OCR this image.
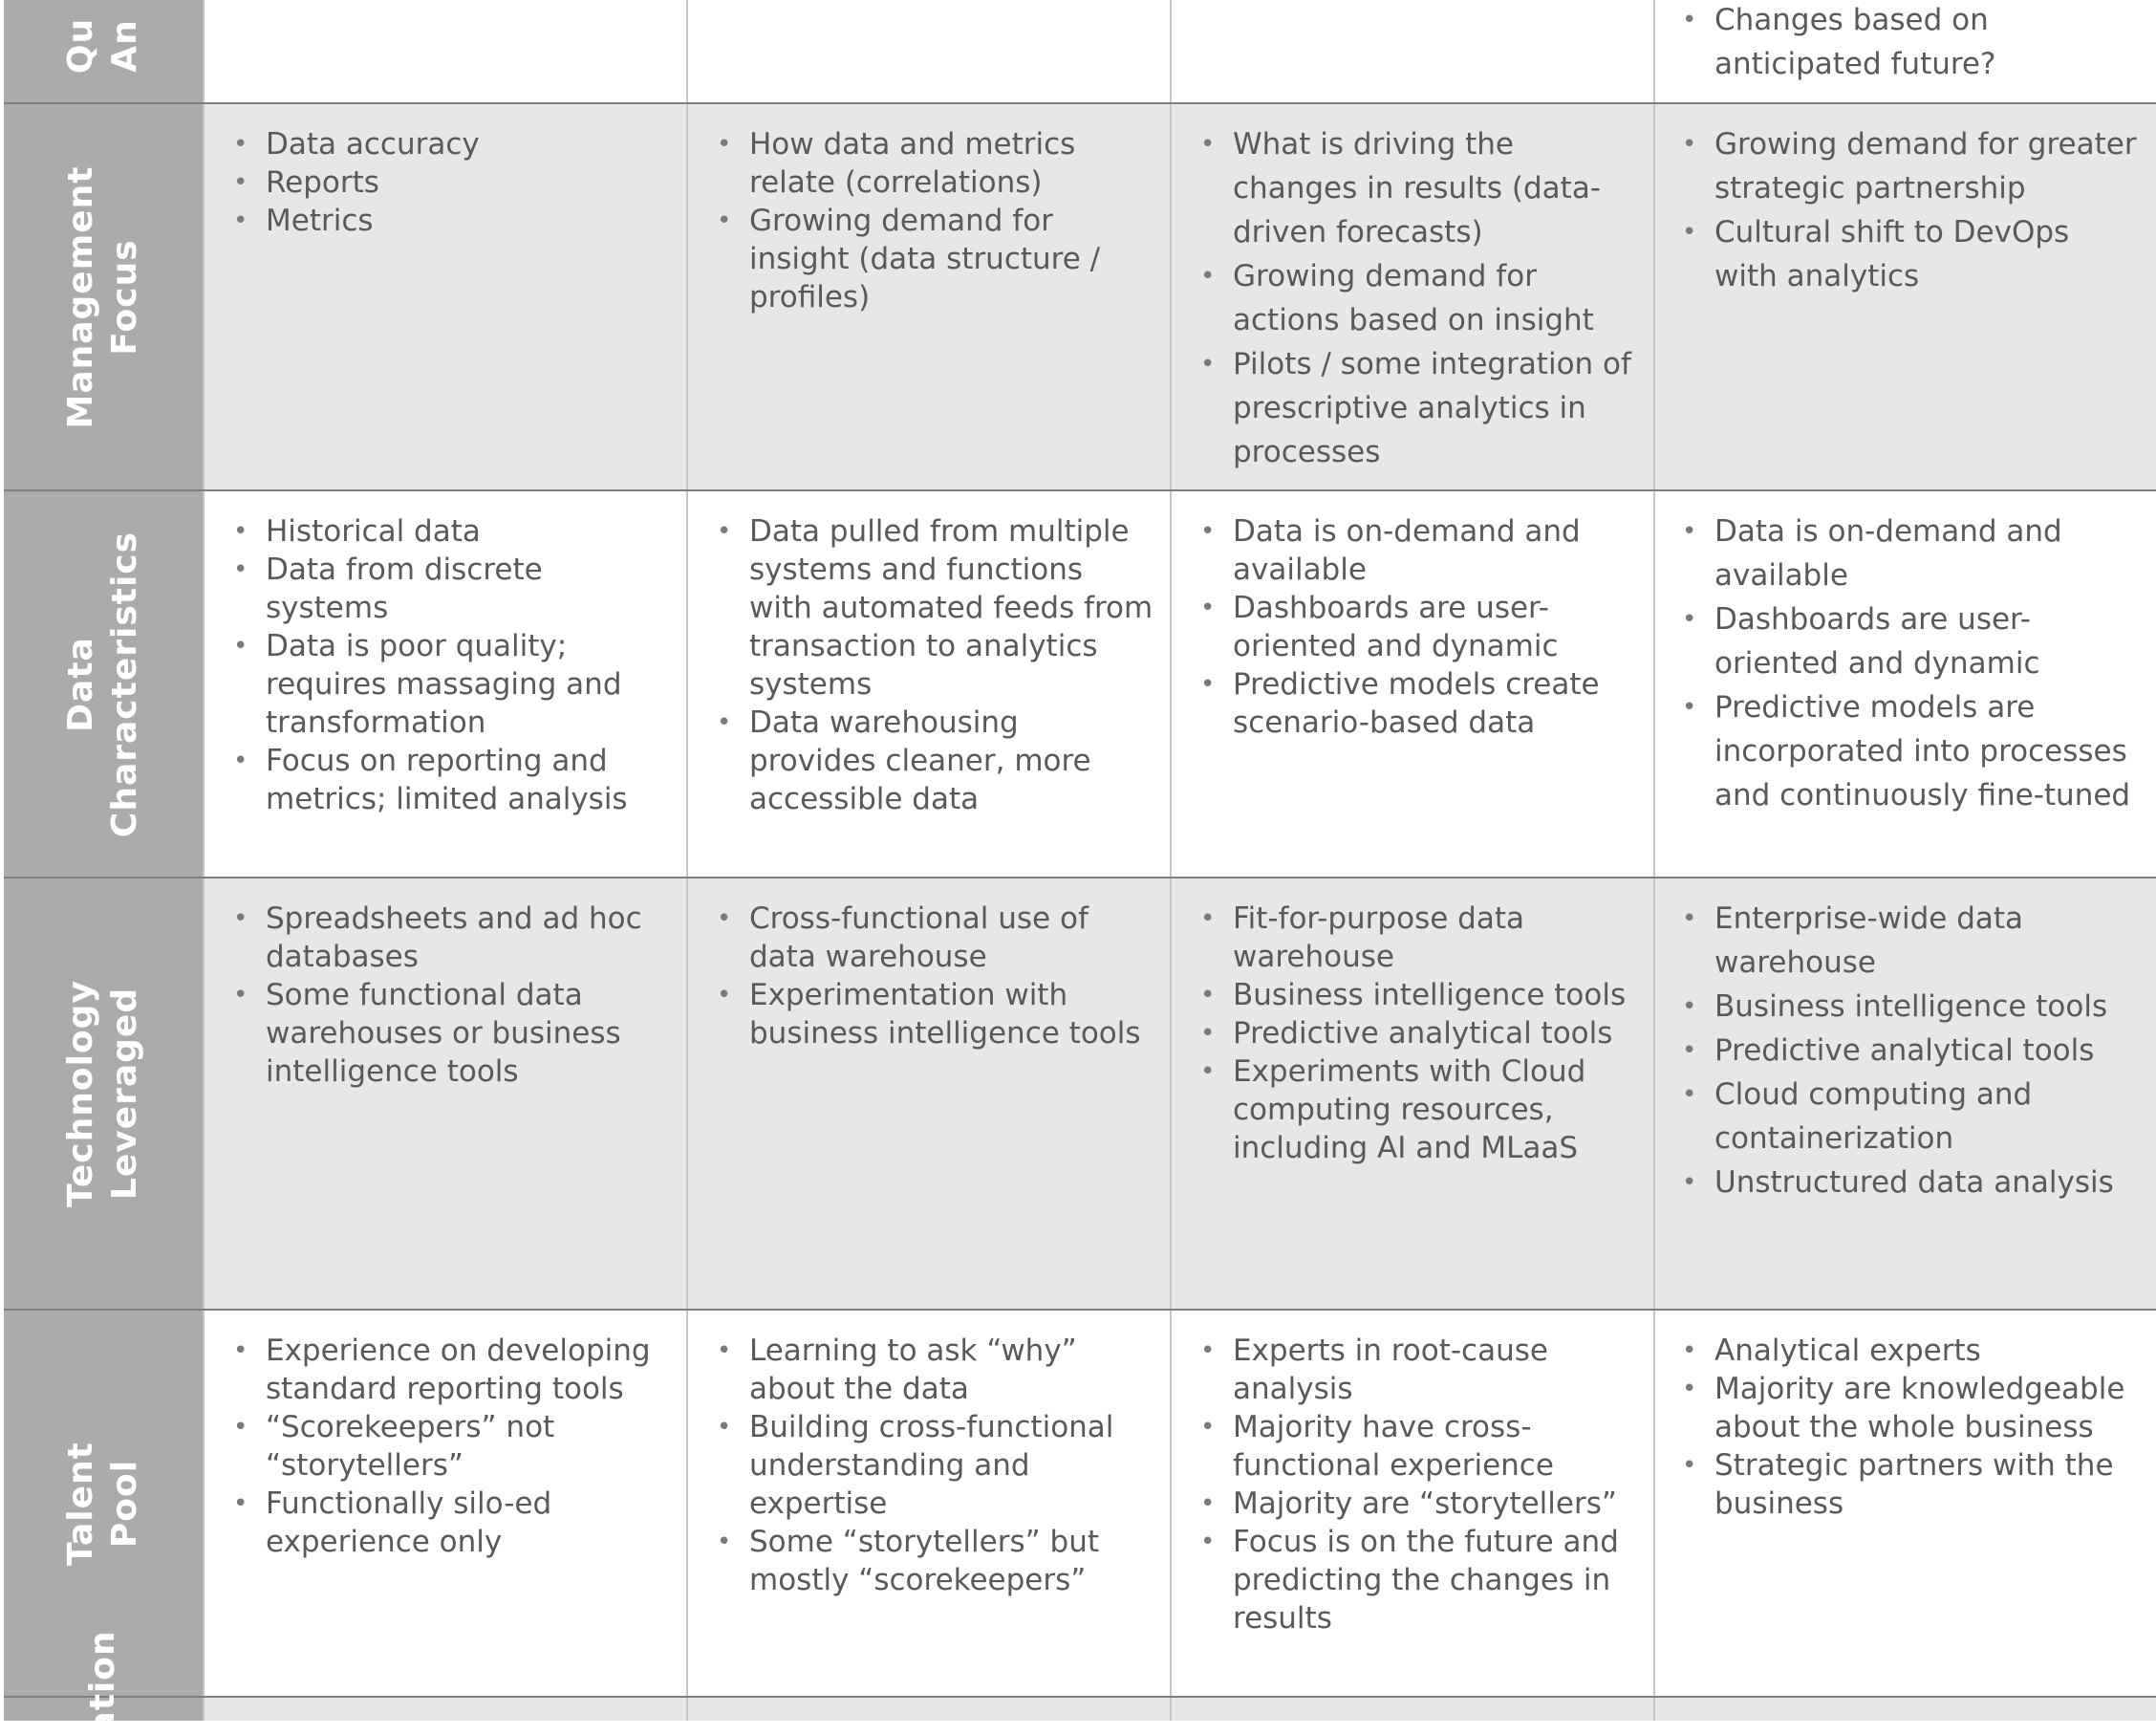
Qu An	• Changes based on anticipated future?
Management Focus
• Data accuracy
• Reports
• Metrics
• How data and metrics relate (correlations)
• Growing demand for insight (data structure / profiles)
• What is driving the changes in results (data-driven forecasts)
• Growing demand for actions based on insight
• Pilots / some integration of prescriptive analytics in processes
• Growing demand for greater strategic partnership
• Cultural shift to DevOps with analytics
Data Characteristics	• Historical data
• Data from discrete systems
• Data is poor quality; requires massaging and transformation
• Focus on reporting and metrics; limited analysis
• Data pulled from multiple systems and functions with automated feeds from transaction to analytics systems
• Data warehousing provides cleaner, more accessible data
• Data is on-demand and available
• Dashboards are user-oriented and dynamic
• Predictive models create scenario-based data
• Data is on-demand and available
• Dashboards are user-oriented and dynamic
• Predictive models are incorporated into processes and continuously fine-tuned
Technology Leveraged
• Spreadsheets and ad hoc databases
• Some functional data warehouses or business intelligence tools
• Cross-functional use of data warehouse
• Experimentation with business intelligence tools
• Fit-for-purpose data warehouse
• Business intelligence tools
• Predictive analytical tools
• Experiments with Cloud computing resources, including AI and MLaaS
• Enterprise-wide data warehouse
• Business intelligence tools
• Predictive analytical tools
• Cloud computing and containerization
• Unstructured data analysis
Talent Pool
• Experience on developing standard reporting tools
• “Scorekeepers” not “storytellers”
• Functionally silo-ed experience only
• Learning to ask “why” about the data
• Building cross-functional understanding and expertise
• Some “storytellers” but mostly “scorekeepers”
• Experts in root-cause analysis
• Majority have cross-functional experience
• Majority are “storytellers”
• Focus is on the future and predicting the changes in results
• Analytical experts
• Majority are knowledgeable about the whole business
• Strategic partners with the business
ation
